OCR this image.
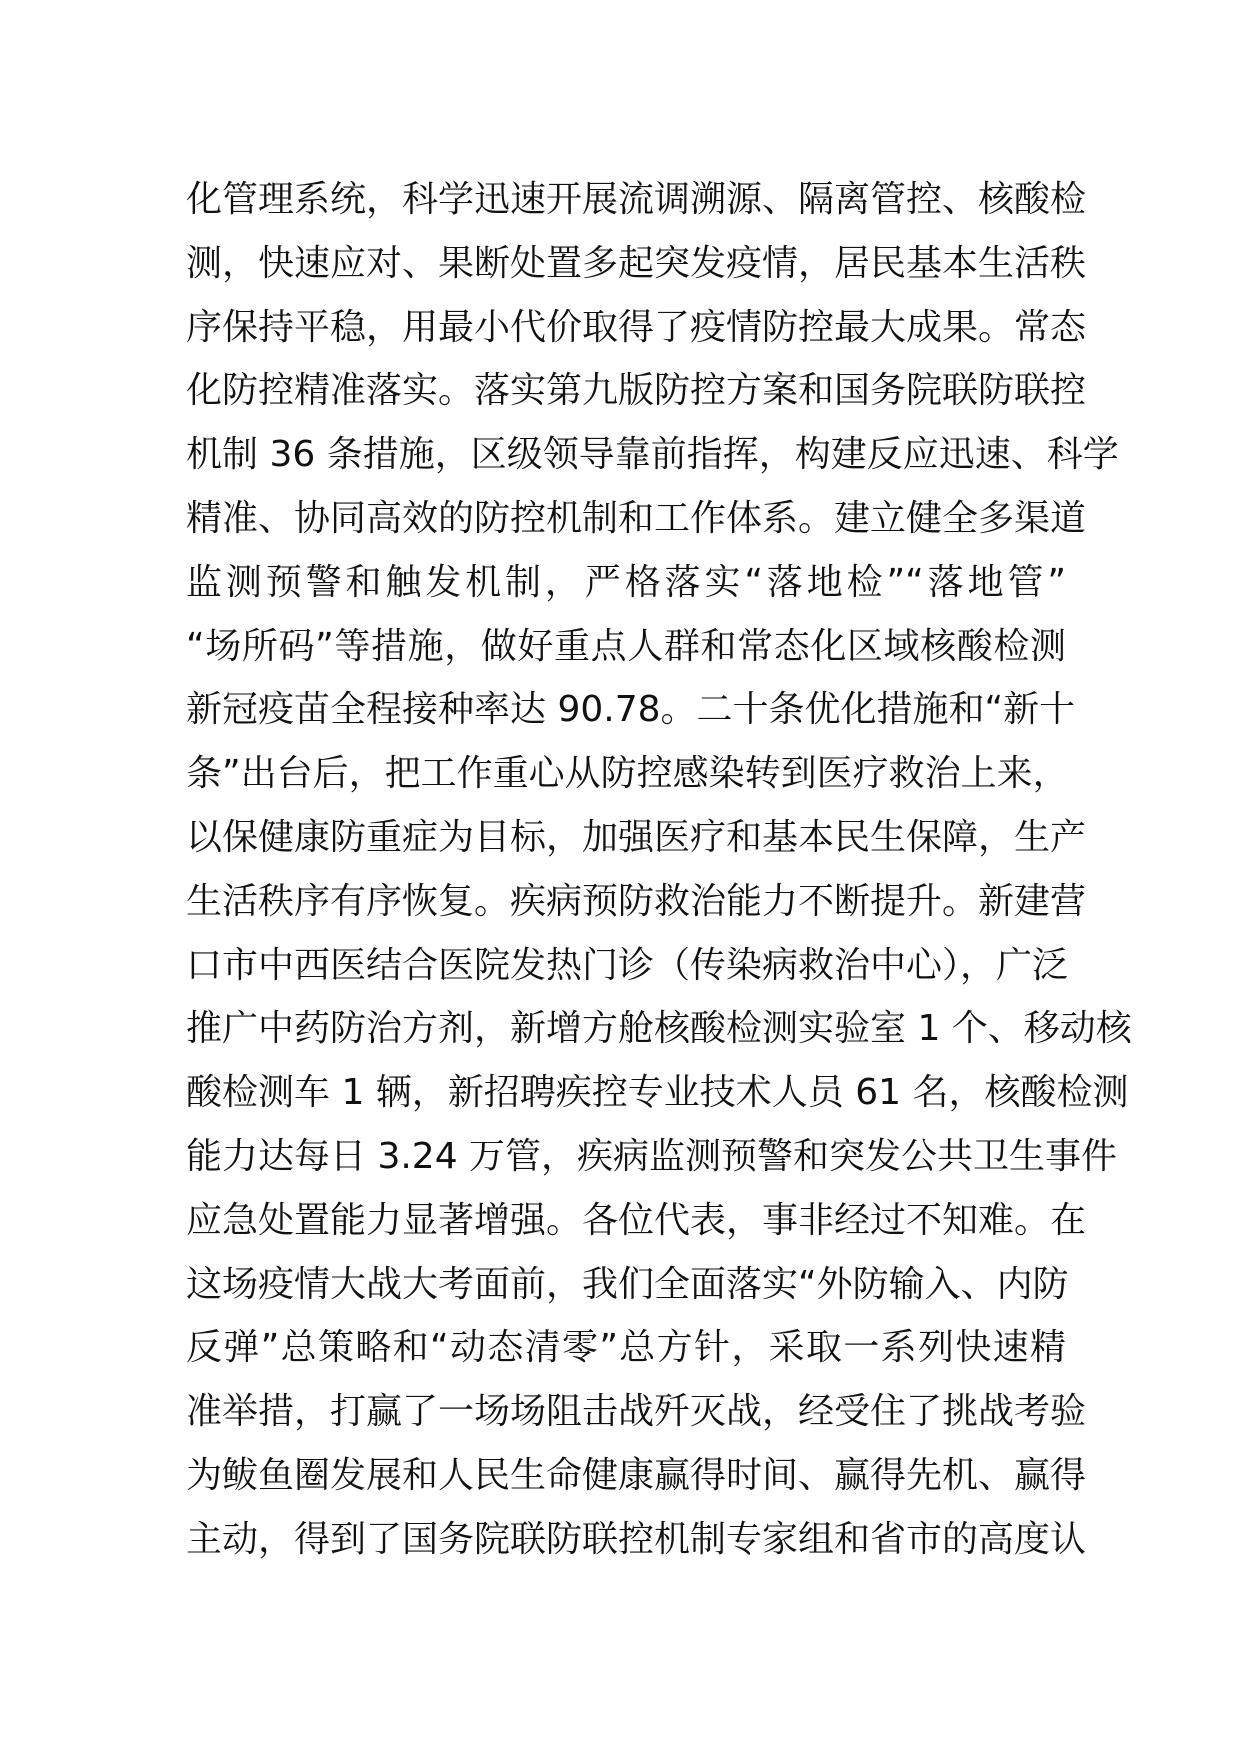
化管理系统，科学迅速开展流调溯源、隔离管控、核酸检
测，快速应对、果断处置多起突发疫情，居民基本生活秩
序保持平稳，用最小代价取得了疫情防控最大成果。常态
化防控精准落实。落实第九版防控方案和国务院联防联控
机制 36 条措施，区级领导靠前指挥，构建反应迅速、科学
精准、协同高效的防控机制和工作体系。建立健全多渠道
监测预警和触发机制，严格落实“落地检”“落地管”
“场所码”等措施，做好重点人群和常态化区域核酸检测
新冠疫苗全程接种率达 90.78。二十条优化措施和“新十
条”出台后，把工作重心从防控感染转到医疗救治上来，
以保健康防重症为目标，加强医疗和基本民生保障，生产
生活秩序有序恢复。疾病预防救治能力不断提升。新建营
口市中西医结合医院发热门诊（传染病救治中心），广泛
推广中药防治方剂，新增方舱核酸检测实验室 1 个、移动核
酸检测车 1 辆，新招聘疾控专业技术人员 61 名，核酸检测
能力达每日 3.24 万管，疾病监测预警和突发公共卫生事件
应急处置能力显著增强。各位代表，事非经过不知难。在
这场疫情大战大考面前，我们全面落实“外防输入、内防
反弹”总策略和“动态清零”总方针，采取一系列快速精
准举措，打赢了一场场阻击战歼灭战，经受住了挑战考验
为鲅鱼圈发展和人民生命健康赢得时间、赢得先机、赢得
主动，得到了国务院联防联控机制专家组和省市的高度认
